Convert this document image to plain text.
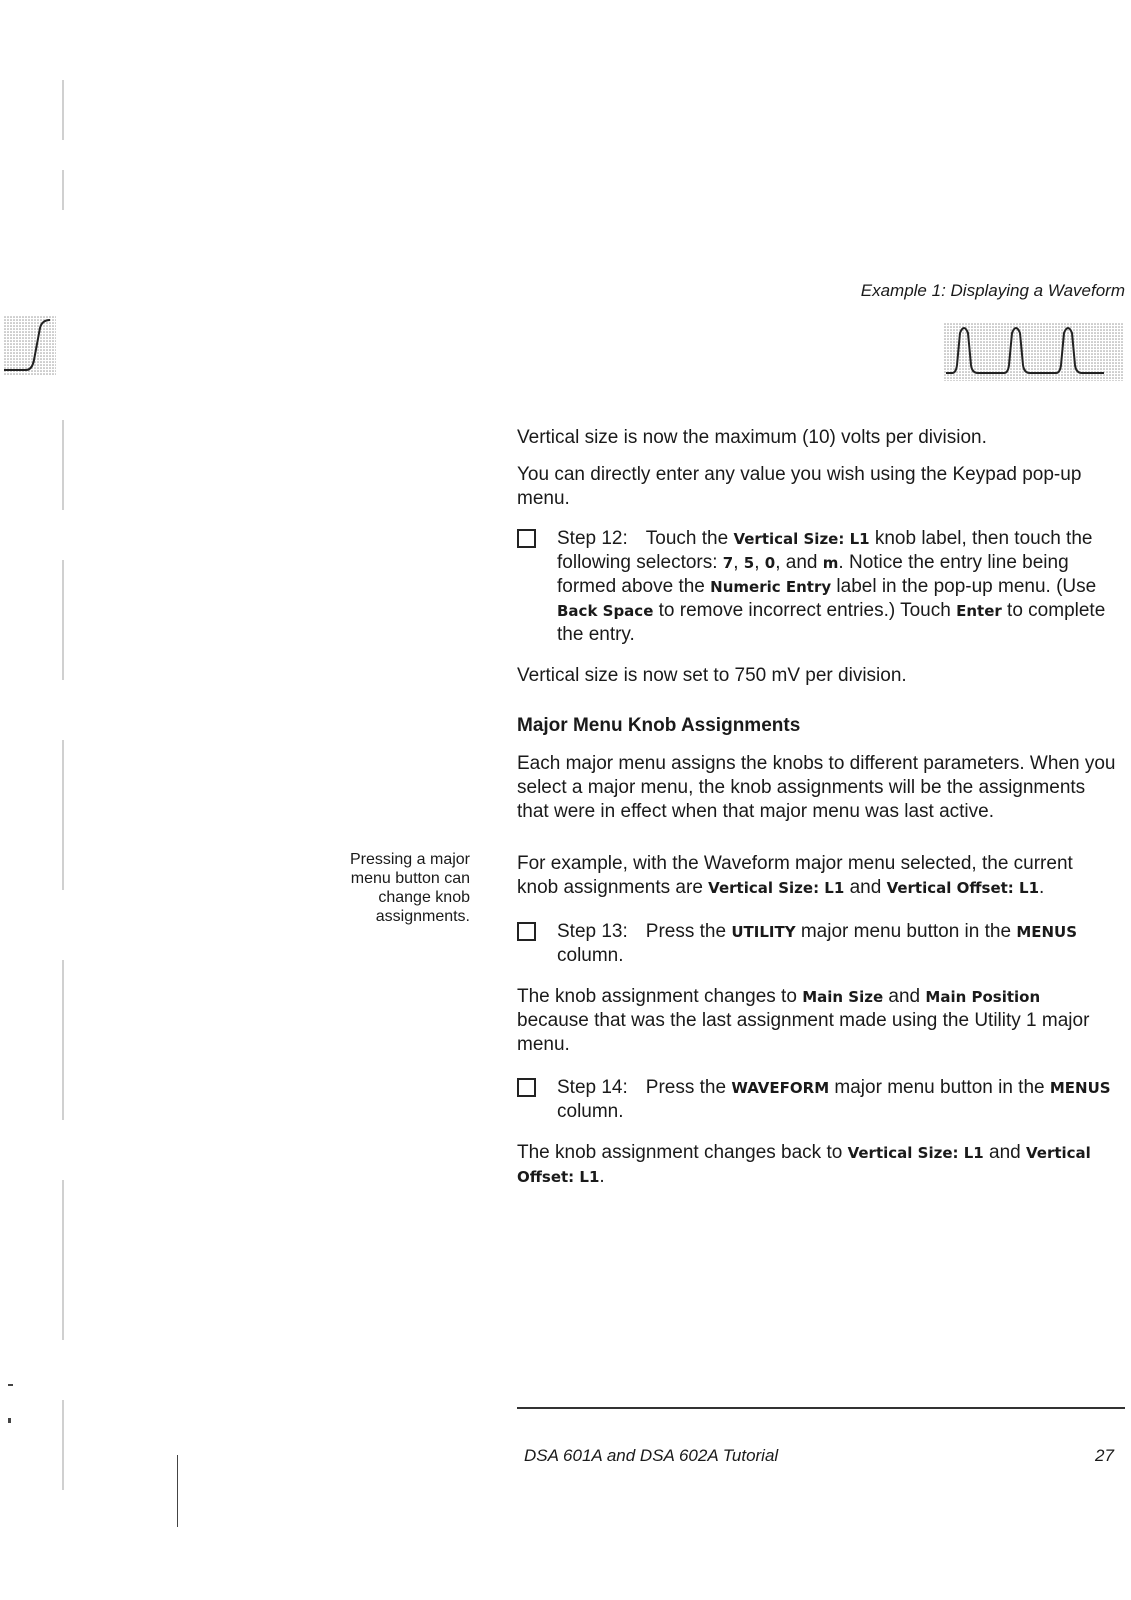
Example 1: Displaying a Waveform
Pressing a major
menu button can
change knob
assignments.

Vertical size is now the maximum (10) volts per division.

You can directly enter any value you wish using the Keypad pop-up menu.

Step 12: Touch the Vertical Size: L1 knob label, then touch the following selectors: 7, 5, 0, and m. Notice the entry line being formed above the Numeric Entry label in the pop-up menu. (Use Back Space to remove incorrect entries.) Touch Enter to complete the entry.

Vertical size is now set to 750 mV per division.

Major Menu Knob Assignments

Each major menu assigns the knobs to different parameters. When you select a major menu, the knob assignments will be the assignments that were in effect when that major menu was last active.

For example, with the Waveform major menu selected, the current knob assignments are Vertical Size: L1 and Vertical Offset: L1.

Step 13: Press the UTILITY major menu button in the MENUS column.

The knob assignment changes to Main Size and Main Position because that was the last assignment made using the Utility 1 major menu.

Step 14: Press the WAVEFORM major menu button in the MENUS column.

The knob assignment changes back to Vertical Size: L1 and Vertical Offset: L1.

DSA 601A and DSA 602A Tutorial	27
